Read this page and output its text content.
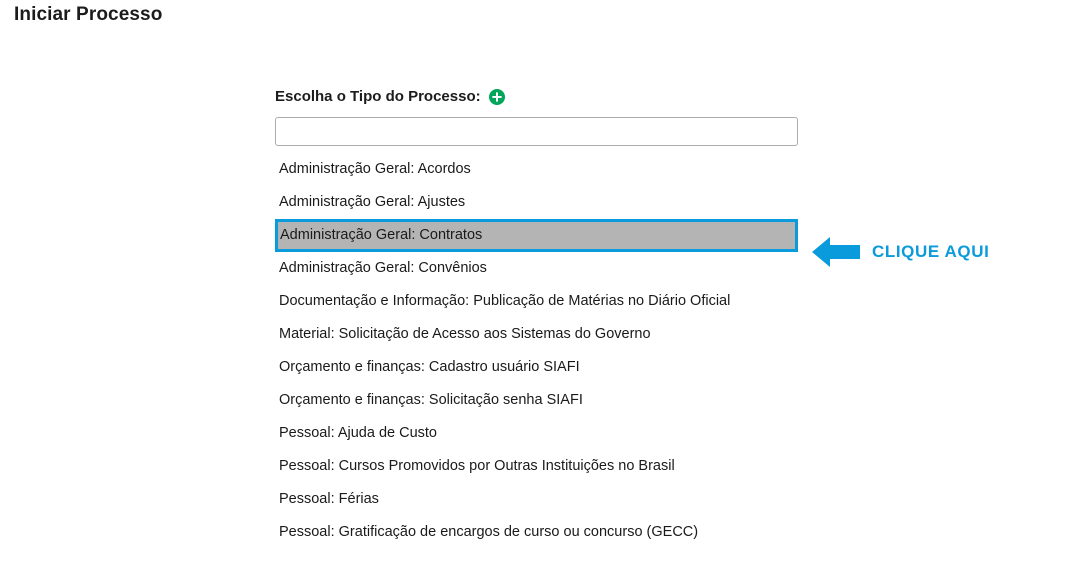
Iniciar Processo
Escolha o Tipo do Processo:
Administração Geral: Acordos
Administração Geral: Ajustes
Administração Geral: Contratos
Administração Geral: Convênios
Documentação e Informação: Publicação de Matérias no Diário Oficial
Material: Solicitação de Acesso aos Sistemas do Governo
Orçamento e finanças: Cadastro usuário SIAFI
Orçamento e finanças: Solicitação senha SIAFI
Pessoal: Ajuda de Custo
Pessoal: Cursos Promovidos por Outras Instituições no Brasil
Pessoal: Férias
Pessoal: Gratificação de encargos de curso ou concurso (GECC)
CLIQUE AQUI
